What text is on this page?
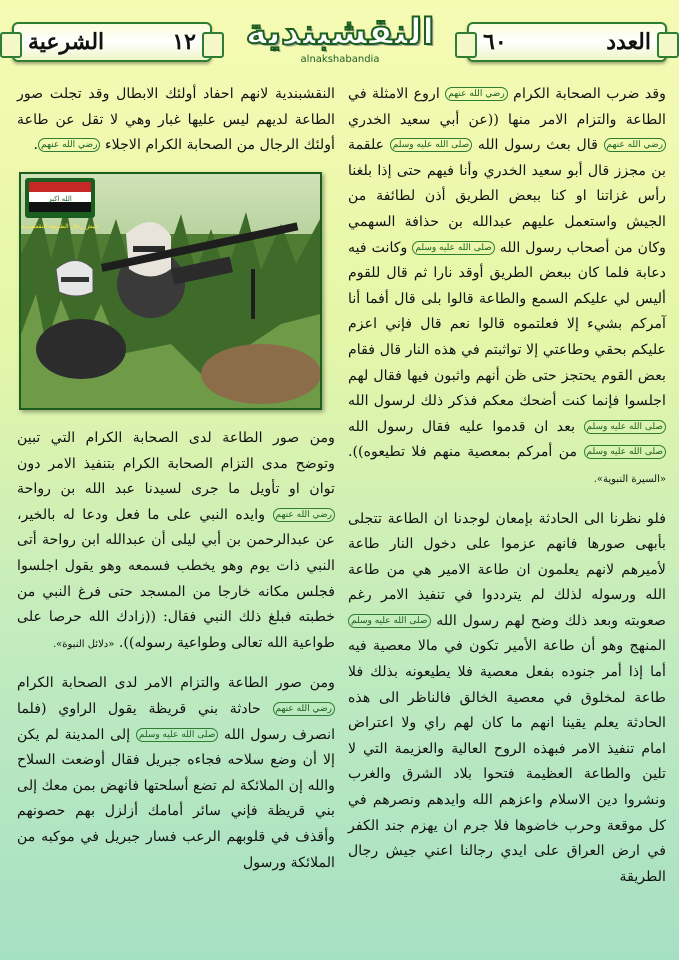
العدد
٦٠
النقشبندية
alnakshabandia
١٢
الشرعية

وقد ضرب الصحابة الكرام رضي الله عنهم اروع الامثلة في الطاعة والتزام الامر منها ((عن أبي سعيد الخدري رضي الله عنهم قال بعث رسول الله صلى الله عليه وسلم علقمة بن مجزز قال أبو سعيد الخدري وأنا فيهم حتى إذا بلغنا رأس غزاتنا او كنا ببعض الطريق أذن لطائفة من الجيش واستعمل عليهم عبدالله بن حذافة السهمي وكان من أصحاب رسول الله صلى الله عليه وسلم وكانت فيه دعابة فلما كان ببعض الطريق أوقد نارا ثم قال للقوم أليس لي عليكم السمع والطاعة قالوا بلى قال أفما أنا آمركم بشيء إلا فعلتموه قالوا نعم قال فإني اعزم عليكم بحقي وطاعتي إلا تواثبتم في هذه النار قال فقام بعض القوم يحتجز حتى ظن أنهم واثبون فيها فقال لهم اجلسوا فإنما كنت أضحك معكم فذكر ذلك لرسول الله صلى الله عليه وسلم بعد ان قدموا عليه فقال رسول الله صلى الله عليه وسلم من أمركم بمعصية منهم فلا تطيعوه)). «السيرة النبوية».

فلو نظرنا الى الحادثة بإمعان لوجدنا ان الطاعة تتجلى بأبهى صورها فانهم عزموا على دخول النار طاعة لأميرهم لانهم يعلمون ان طاعة الامير هي من طاعة الله ورسوله لذلك لم يترددوا في تنفيذ الامر رغم صعوبته وبعد ذلك وضح لهم رسول الله صلى الله عليه وسلم المنهج وهو أن طاعة الأمير تكون في مالا معصية فيه أما إذا أمر جنوده بفعل معصية فلا يطيعونه بذلك فلا طاعة لمخلوق في معصية الخالق فالناظر الى هذه الحادثة يعلم يقينا انهم ما كان لهم راي ولا اعتراض امام تنفيذ الامر فبهذه الروح العالية والعزيمة التي لا تلين والطاعة العظيمة فتحوا بلاد الشرق والغرب ونشروا دين الاسلام واعزهم الله وايدهم ونصرهم في كل موقعة وحرب خاضوها فلا جرم ان يهزم جند الكفر في ارض العراق على ايدي رجالنا اعني جيش رجال الطريقة

النقشبندية لانهم احفاد أولئك الابطال وقد تجلت صور الطاعة لديهم ليس عليها غبار وهي لا تقل عن طاعة أولئك الرجال من الصحابة الكرام الاجلاء رضي الله عنهم.

الله اكبر
جيش رجال الطريقة النقشبندية

ومن صور الطاعة لدى الصحابة الكرام التي تبين وتوضح مدى التزام الصحابة الكرام بتنفيذ الامر دون توان او تأويل ما جرى لسيدنا عبد الله بن رواحة رضي الله عنهم وايده النبي على ما فعل ودعا له بالخير، عن عبدالرحمن بن أبي ليلى أن عبدالله ابن رواحة أتى النبي ذات يوم وهو يخطب فسمعه وهو يقول اجلسوا فجلس مكانه خارجا من المسجد حتى فرغ النبي من خطبته فبلغ ذلك النبي فقال: ((زادك الله حرصا على طواعية الله تعالى وطواعية رسوله)). «دلائل النبوة».

ومن صور الطاعة والتزام الامر لدى الصحابة الكرام رضي الله عنهم حادثة بني قريظة يقول الراوي (فلما انصرف رسول الله صلى الله عليه وسلم إلى المدينة لم يكن إلا أن وضع سلاحه فجاءه جبريل فقال أوضعت السلاح والله إن الملائكة لم تضع أسلحتها فانهض بمن معك إلى بني قريظة فإني سائر أمامك أزلزل بهم حصونهم وأقذف في قلوبهم الرعب فسار جبريل في موكبه من الملائكة ورسول
